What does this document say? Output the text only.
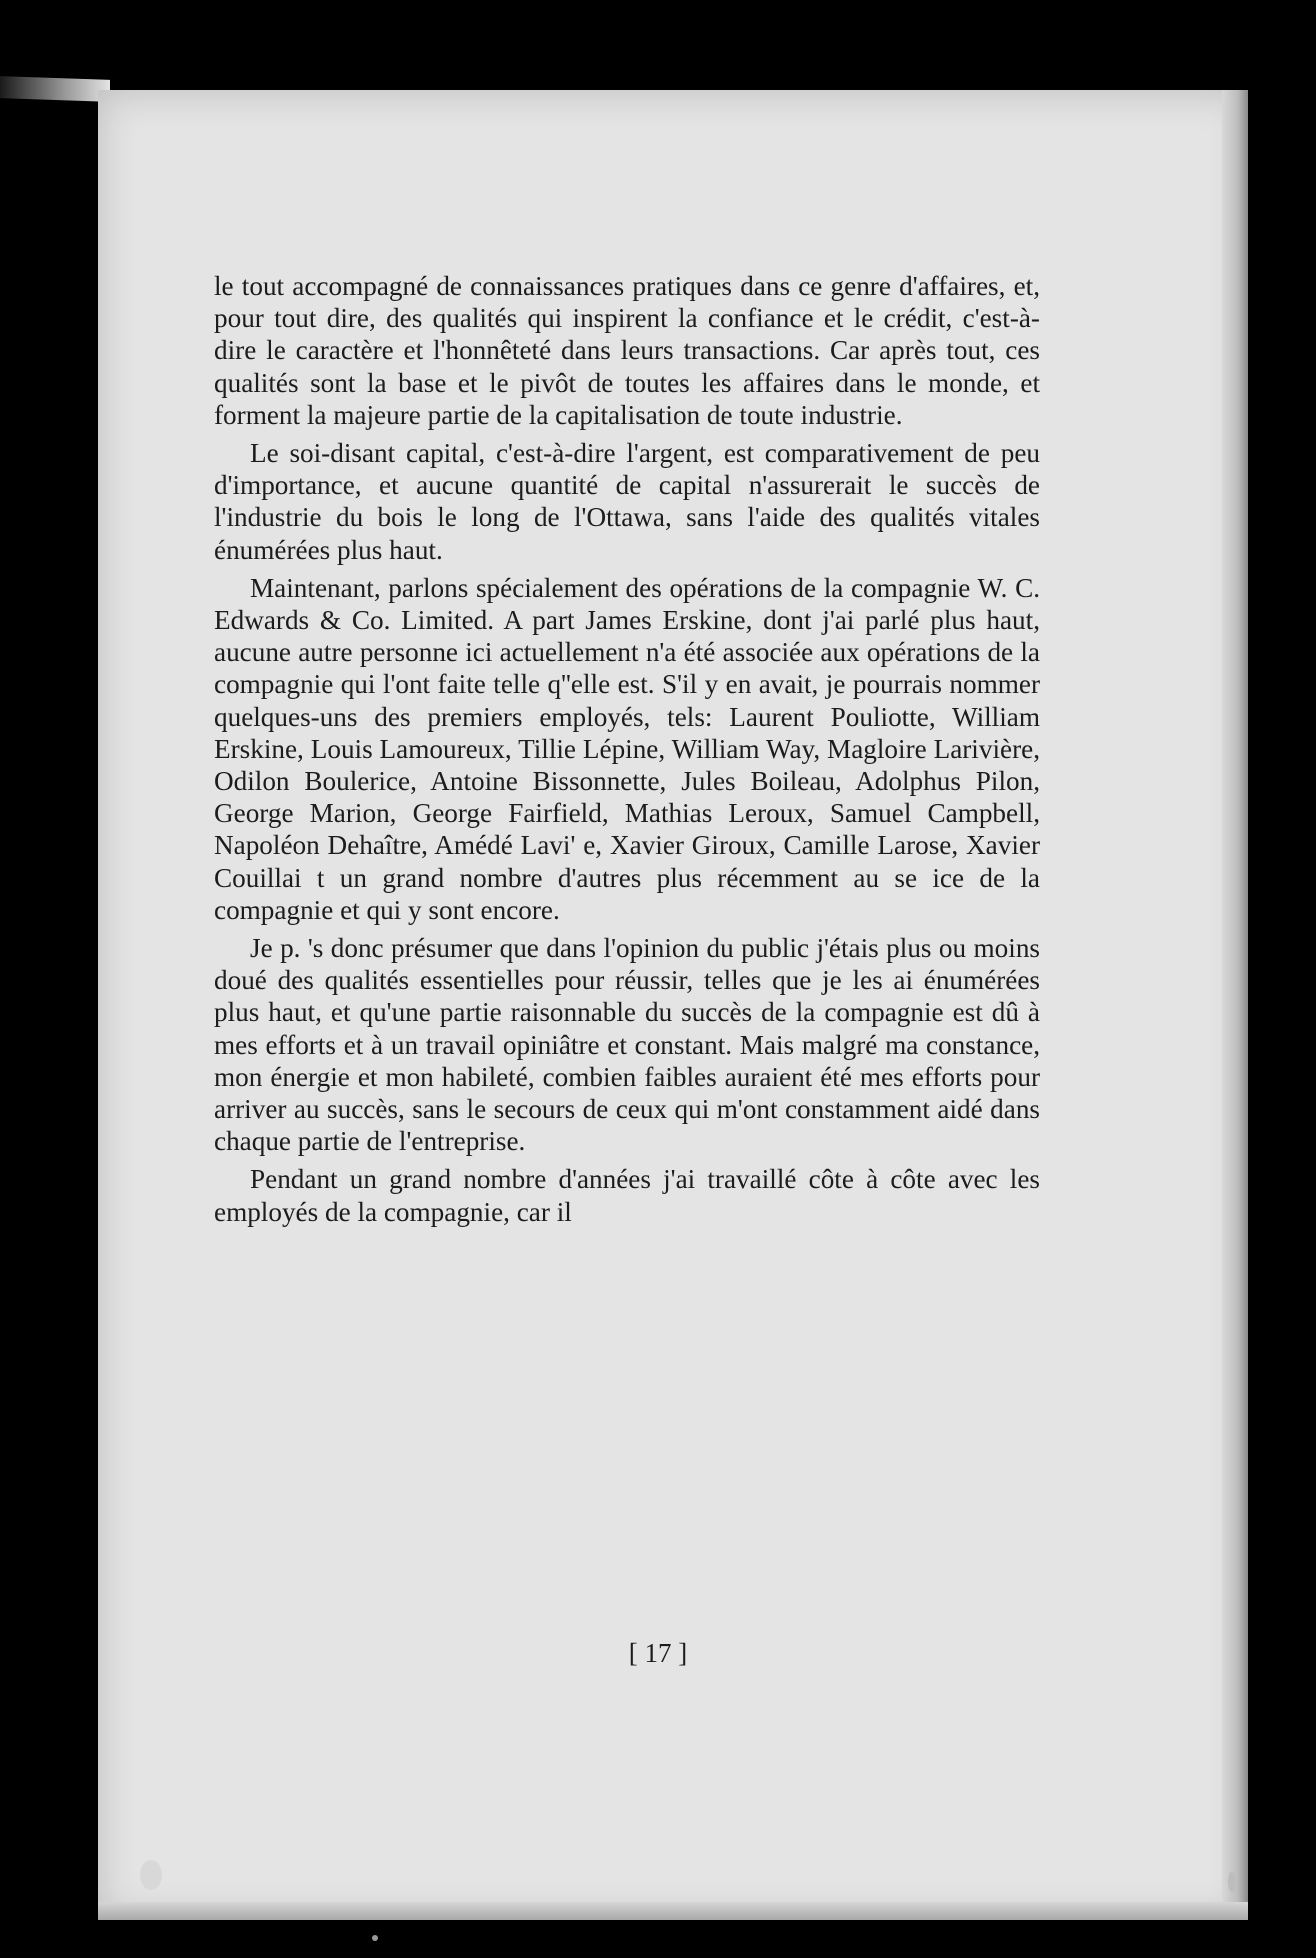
le tout accompagné de connaissances pratiques dans ce genre d'affaires, et, pour tout dire, des qualités qui inspirent la confiance et le crédit, c'est-à-dire le caractère et l'honnêteté dans leurs transactions. Car après tout, ces qualités sont la base et le pivôt de toutes les affaires dans le monde, et forment la majeure partie de la capitalisation de toute industrie.

Le soi-disant capital, c'est-à-dire l'argent, est comparativement de peu d'importance, et aucune quantité de capital n'assurerait le succès de l'industrie du bois le long de l'Ottawa, sans l'aide des qualités vitales énumérées plus haut.

Maintenant, parlons spécialement des opérations de la compagnie W. C. Edwards & Co. Limited. A part James Erskine, dont j'ai parlé plus haut, aucune autre personne ici actuellement n'a été associée aux opérations de la compagnie qui l'ont faite telle q''elle est. S'il y en avait, je pourrais nommer quelques-uns des premiers employés, tels: Laurent Pouliotte, William Erskine, Louis Lamoureux, Tillie Lépine, William Way, Magloire Larivière, Odilon Boulerice, Antoine Bissonnette, Jules Boileau, Adolphus Pilon, George Marion, George Fairfield, Mathias Leroux, Samuel Campbell, Napoléon Dehaître, Amédé Lavi' e, Xavier Giroux, Camille Larose, Xavier Couillai t un grand nombre d'autres plus récemment au se ice de la compagnie et qui y sont encore.

Je p. 's donc présumer que dans l'opinion du public j'étais plus ou moins doué des qualités essentielles pour réussir, telles que je les ai énumérées plus haut, et qu'une partie raisonnable du succès de la compagnie est dû à mes efforts et à un travail opiniâtre et constant. Mais malgré ma constance, mon énergie et mon habileté, combien faibles auraient été mes efforts pour arriver au succès, sans le secours de ceux qui m'ont constamment aidé dans chaque partie de l'entreprise.

Pendant un grand nombre d'années j'ai travaillé côte à côte avec les employés de la compagnie, car il

[ 17 ]
